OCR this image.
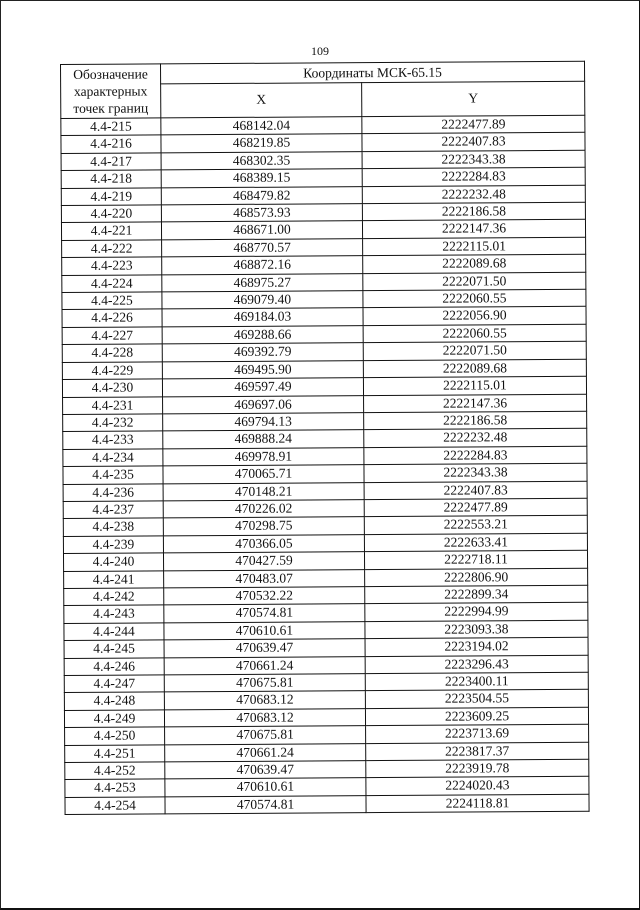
109
Обозначение характерных точек границ	Координаты МСК-65.15	
	X	Y
4.4-215	468142.04	2222477.89
4.4-216	468219.85	2222407.83
4.4-217	468302.35	2222343.38
4.4-218	468389.15	2222284.83
4.4-219	468479.82	2222232.48
4.4-220	468573.93	2222186.58
4.4-221	468671.00	2222147.36
4.4-222	468770.57	2222115.01
4.4-223	468872.16	2222089.68
4.4-224	468975.27	2222071.50
4.4-225	469079.40	2222060.55
4.4-226	469184.03	2222056.90
4.4-227	469288.66	2222060.55
4.4-228	469392.79	2222071.50
4.4-229	469495.90	2222089.68
4.4-230	469597.49	2222115.01
4.4-231	469697.06	2222147.36
4.4-232	469794.13	2222186.58
4.4-233	469888.24	2222232.48
4.4-234	469978.91	2222284.83
4.4-235	470065.71	2222343.38
4.4-236	470148.21	2222407.83
4.4-237	470226.02	2222477.89
4.4-238	470298.75	2222553.21
4.4-239	470366.05	2222633.41
4.4-240	470427.59	2222718.11
4.4-241	470483.07	2222806.90
4.4-242	470532.22	2222899.34
4.4-243	470574.81	2222994.99
4.4-244	470610.61	2223093.38
4.4-245	470639.47	2223194.02
4.4-246	470661.24	2223296.43
4.4-247	470675.81	2223400.11
4.4-248	470683.12	2223504.55
4.4-249	470683.12	2223609.25
4.4-250	470675.81	2223713.69
4.4-251	470661.24	2223817.37
4.4-252	470639.47	2223919.78
4.4-253	470610.61	2224020.43
4.4-254	470574.81	2224118.81
